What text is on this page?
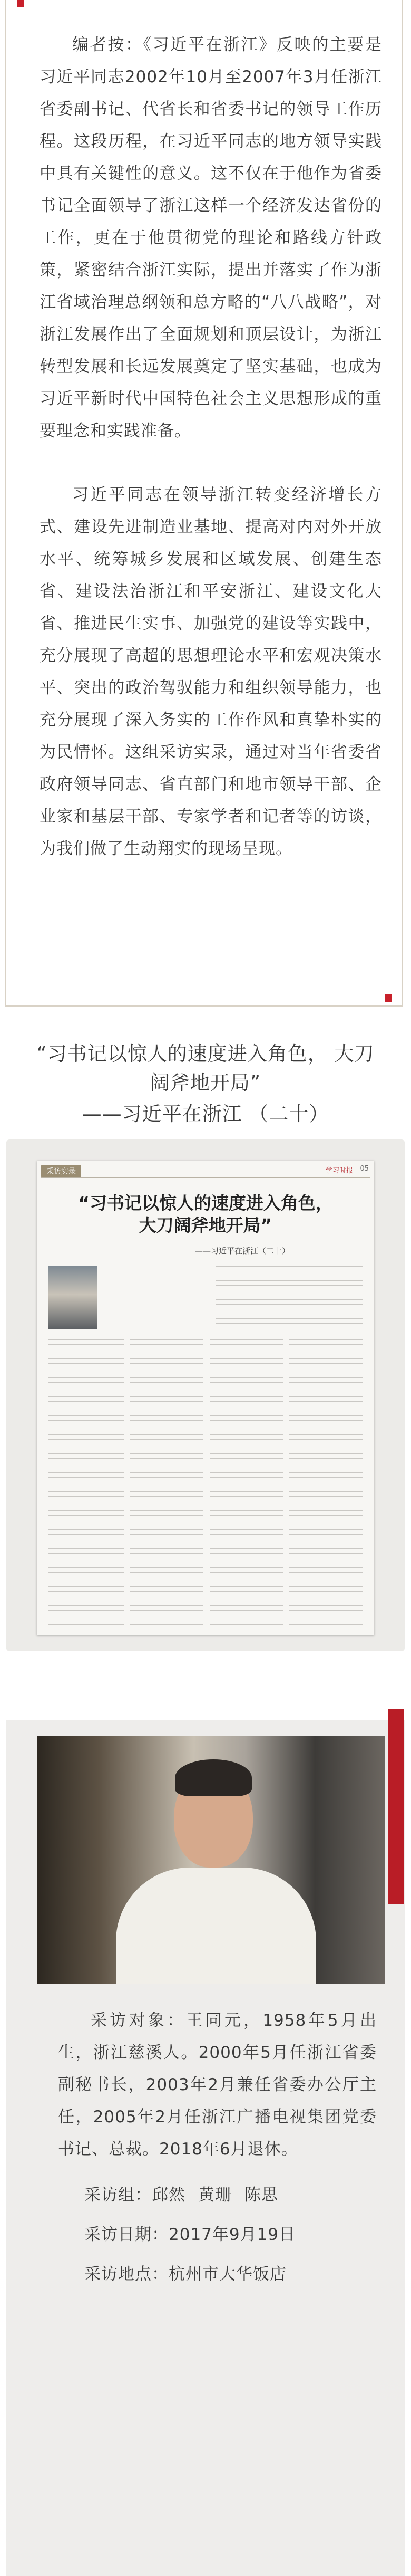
编者按：《习近平在浙江》反映的主要是习近平同志2002年10月至2007年3月任浙江省委副书记、代省长和省委书记的领导工作历程。这段历程，在习近平同志的地方领导实践中具有关键性的意义。这不仅在于他作为省委书记全面领导了浙江这样一个经济发达省份的工作，更在于他贯彻党的理论和路线方针政策，紧密结合浙江实际，提出并落实了作为浙江省域治理总纲领和总方略的“八八战略”，对浙江发展作出了全面规划和顶层设计，为浙江转型发展和长远发展奠定了坚实基础，也成为习近平新时代中国特色社会主义思想形成的重要理念和实践准备。

习近平同志在领导浙江转变经济增长方式、建设先进制造业基地、提高对内对外开放水平、统筹城乡发展和区域发展、创建生态省、建设法治浙江和平安浙江、建设文化大省、推进民生实事、加强党的建设等实践中，充分展现了高超的思想理论水平和宏观决策水平、突出的政治驾驭能力和组织领导能力，也充分展现了深入务实的工作作风和真挚朴实的为民情怀。这组采访实录，通过对当年省委省政府领导同志、省直部门和地市领导干部、企业家和基层干部、专家学者和记者等的访谈，为我们做了生动翔实的现场呈现。

“习书记以惊人的速度进入角色， 大刀
阔斧地开局”
——习近平在浙江 （二十）
采访实录	学习时报 05
“习书记以惊人的速度进入角色，
大刀阔斧地开局”
——习近平在浙江（二十）

采访对象：王同元，1958年5月出生，浙江慈溪人。2000年5月任浙江省委副秘书长，2003年2月兼任省委办公厅主任，2005年2月任浙江广播电视集团党委书记、总裁。2018年6月退休。

采访组：邱然 黄珊 陈思
采访日期：2017年9月19日
采访地点：杭州市大华饭店
